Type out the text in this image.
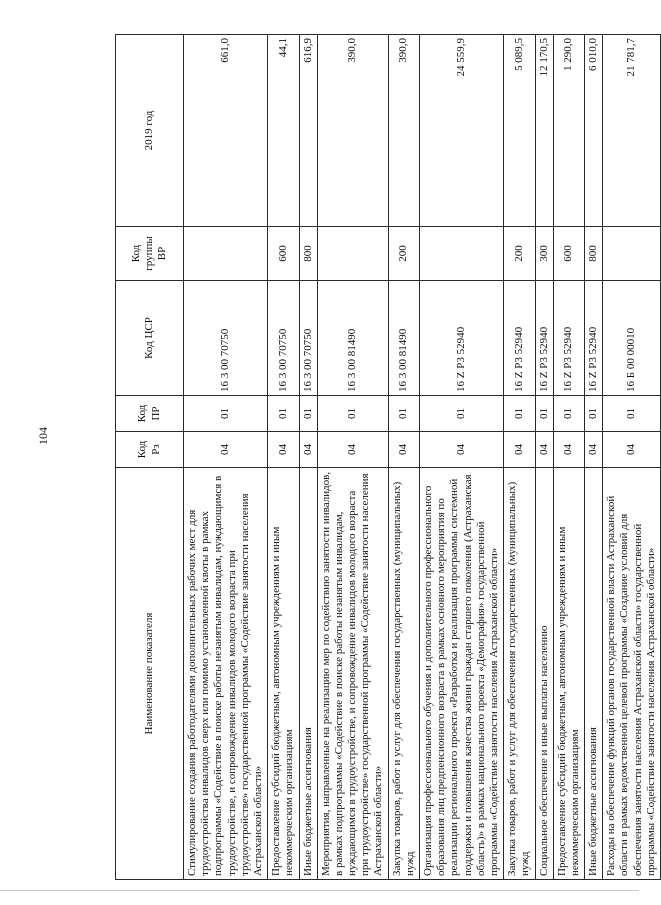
104
Наименование показателя	Код Рз	Код ПР	Код ЦСР	Код группы ВР	2019 год
Стимулирование создания работодателями дополнительных рабочих мест для трудоустройства инвалидов сверх или помимо установленной квоты в рамках подпрограммы «Содействие в поиске работы незанятым инвалидам, нуждающимся в трудоустройстве, и сопровождение инвалидов молодого возраста при трудоустройстве» государственной программы «Содействие занятости населения Астраханской области»	04	01	16 3 00 70750		661,0
Предоставление субсидий бюджетным, автономным учреждениям и иным некоммерческим организациям	04	01	16 3 00 70750	600	44,1
Иные бюджетные ассигнования	04	01	16 3 00 70750	800	616,9
Мероприятия, направленные на реализацию мер по содействию занятости инвалидов, в рамках подпрограммы «Содействие в поиске работы незанятым инвалидам, нуждающимся в трудоустройстве, и сопровождение инвалидов молодого возраста при трудоустройстве» государственной программы «Содействие занятости населения Астраханской области»	04	01	16 3 00 81490		390,0
Закупка товаров, работ и услуг для обеспечения государственных (муниципальных) нужд	04	01	16 3 00 81490	200	390,0
Организация профессионального обучения и дополнительного профессионального образования лиц предпенсионного возраста в рамках основного мероприятия по реализации регионального проекта «Разработка и реализация программы системной поддержки и повышения качества жизни граждан старшего поколения (Астраханская область)» в рамках национального проекта «Демография» государственной программы «Содействие занятости населения Астраханской области»	04	01	16 Z P3 52940		24 559,9
Закупка товаров, работ и услуг для обеспечения государственных (муниципальных) нужд	04	01	16 Z P3 52940	200	5 089,5
Социальное обеспечение и иные выплаты населению	04	01	16 Z P3 52940	300	12 170,5
Предоставление субсидий бюджетным, автономным учреждениям и иным некоммерческим организациям	04	01	16 Z P3 52940	600	1 290,0
Иные бюджетные ассигнования	04	01	16 Z P3 52940	800	6 010,0
Расходы на обеспечение функций органов государственной власти Астраханской области в рамках ведомственной целевой программы «Создание условий для обеспечения занятости населения Астраханской области» государственной программы «Содействие занятости населения Астраханской области»	04	01	16 Б 00 00010		21 781,7
